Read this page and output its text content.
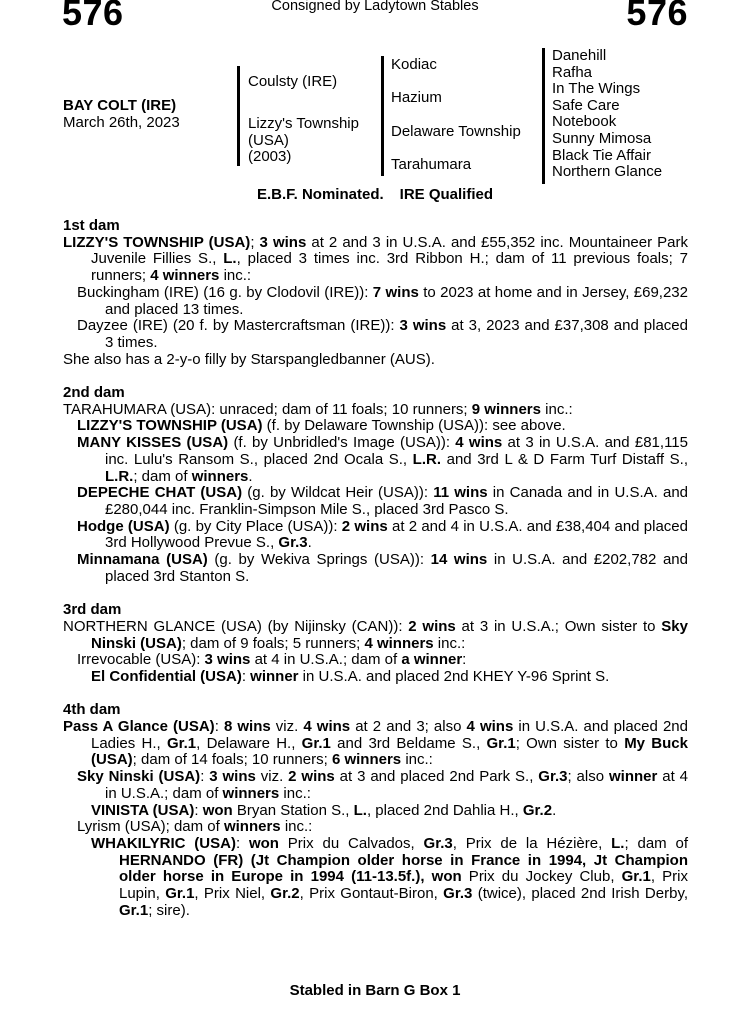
576	Consigned by Ladytown Stables	576
BAY COLT (IRE)
March 26th, 2023
Coulsty (IRE)
Lizzy's Township
(USA)
(2003)
Kodiac
Hazium
Delaware Township
Tarahumara
Danehill
Rafha
In The Wings
Safe Care
Notebook
Sunny Mimosa
Black Tie Affair
Northern Glance
E.B.F. Nominated. IRE Qualified

1st dam

LIZZY'S TOWNSHIP (USA); 3 wins at 2 and 3 in U.S.A. and £55,352 inc. Mountaineer Park Juvenile Fillies S., L., placed 3 times inc. 3rd Ribbon H.; dam of 11 previous foals; 7 runners; 4 winners inc.:

Buckingham (IRE) (16 g. by Clodovil (IRE)): 7 wins to 2023 at home and in Jersey, £69,232 and placed 13 times.

Dayzee (IRE) (20 f. by Mastercraftsman (IRE)): 3 wins at 3, 2023 and £37,308 and placed 3 times.

She also has a 2-y-o filly by Starspangledbanner (AUS).

2nd dam

TARAHUMARA (USA): unraced; dam of 11 foals; 10 runners; 9 winners inc.:

LIZZY'S TOWNSHIP (USA) (f. by Delaware Township (USA)): see above.

MANY KISSES (USA) (f. by Unbridled's Image (USA)): 4 wins at 3 in U.S.A. and £81,115 inc. Lulu's Ransom S., placed 2nd Ocala S., L.R. and 3rd L & D Farm Turf Distaff S., L.R.; dam of winners.

DEPECHE CHAT (USA) (g. by Wildcat Heir (USA)): 11 wins in Canada and in U.S.A. and £280,044 inc. Franklin-Simpson Mile S., placed 3rd Pasco S.

Hodge (USA) (g. by City Place (USA)): 2 wins at 2 and 4 in U.S.A. and £38,404 and placed 3rd Hollywood Prevue S., Gr.3.

Minnamana (USA) (g. by Wekiva Springs (USA)): 14 wins in U.S.A. and £202,782 and placed 3rd Stanton S.

3rd dam

NORTHERN GLANCE (USA) (by Nijinsky (CAN)): 2 wins at 3 in U.S.A.; Own sister to Sky Ninski (USA); dam of 9 foals; 5 runners; 4 winners inc.:

Irrevocable (USA): 3 wins at 4 in U.S.A.; dam of a winner:

El Confidential (USA): winner in U.S.A. and placed 2nd KHEY Y-96 Sprint S.

4th dam

Pass A Glance (USA): 8 wins viz. 4 wins at 2 and 3; also 4 wins in U.S.A. and placed 2nd Ladies H., Gr.1, Delaware H., Gr.1 and 3rd Beldame S., Gr.1; Own sister to My Buck (USA); dam of 14 foals; 10 runners; 6 winners inc.:

Sky Ninski (USA): 3 wins viz. 2 wins at 3 and placed 2nd Park S., Gr.3; also winner at 4 in U.S.A.; dam of winners inc.:

VINISTA (USA): won Bryan Station S., L., placed 2nd Dahlia H., Gr.2.

Lyrism (USA); dam of winners inc.:

WHAKILYRIC (USA): won Prix du Calvados, Gr.3, Prix de la Hézière, L.; dam of HERNANDO (FR) (Jt Champion older horse in France in 1994, Jt Champion older horse in Europe in 1994 (11-13.5f.), won Prix du Jockey Club, Gr.1, Prix Lupin, Gr.1, Prix Niel, Gr.2, Prix Gontaut-Biron, Gr.3 (twice), placed 2nd Irish Derby, Gr.1; sire).

Stabled in Barn G Box 1
